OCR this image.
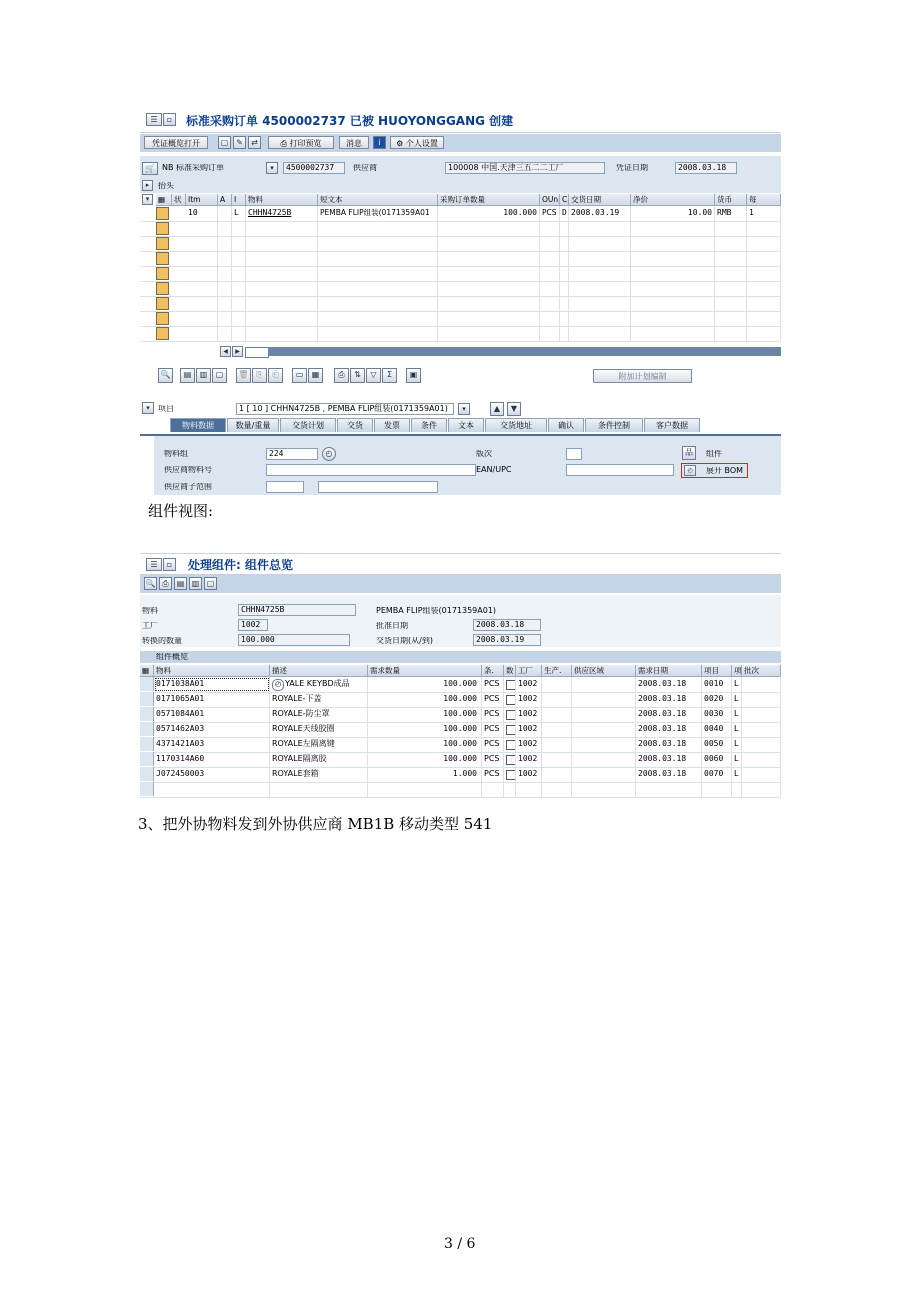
☰	▫	标准采购订单 4500002737 已被 HUOYONGGANG 创建
凭证概览打开	▢ ✎	⇄	⎙ 打印预览	消息	i	⚙ 个人设置
🛒 NB 标准采购订单	▾	4500002737	供应商	100008 中国.天津三五二二工厂	凭证日期	2008.03.18
▸	抬头
▾	▦	状 Itm	A	I	物料	短文本	采购订单数量	OUn C 交货日期	净价	货币	每
10	L	CHHN4725B	PEMBA FLIP组装(0171359A01	100.000 PCS D 2008.03.19	10.00 RMB	1
◀	▶
🔍	▤	▥	▢	🗑 ⎘	⎗	▭	▦	⎙	⇅	▽	Σ	▣	附加计划编制
▾	项目	1 [ 10 ] CHHN4725B , PEMBA FLIP组装(0171359A01)	▾	▲	▼
物料数据	数量/重量	交货计划	交货	发票	条件	文本	交货地址	确认	条件控制	客户数据
物料组	224	◴	版次	品	组件
供应商物料号	EAN/UPC	◴	展开 BOM
供应商子范围
组件视图:
☰	▫	处理组件: 组件总览
🔍 ⎙	▤ ▥ ▢
物料	CHHN4725B	PEMBA FLIP组装(0171359A01)
工厂	1002	批准日期	2008.03.18
转换的数量	100.000	交货日期(从/到)	2008.03.19
组件概览
▦ 物料	描述	需求数量	条.	数 工厂	生产.	供应区域	需求日期	项目	项 批次
0171038A01	◴ YALE KEYBD成品	100.000 PCS	1002	2008.03.18	0010	L
0171065A01	ROYALE-下盖	100.000 PCS	1002	2008.03.18	0020	L
0571084A01	ROYALE-防尘罩	100.000 PCS	1002	2008.03.18	0030	L
0571462A03	ROYALE天线胶圈	100.000 PCS	1002	2008.03.18	0040	L
4371421A03	ROYALE左隔离键	100.000 PCS	1002	2008.03.18	0050	L
1170314A60	ROYALE隔离胶	100.000 PCS	1002	2008.03.18	0060	L
J072450003	ROYALE套箱	1.000 PCS	1002	2008.03.18	0070	L
3、把外协物料发到外协供应商 MB1B 移动类型 541
3 / 6
